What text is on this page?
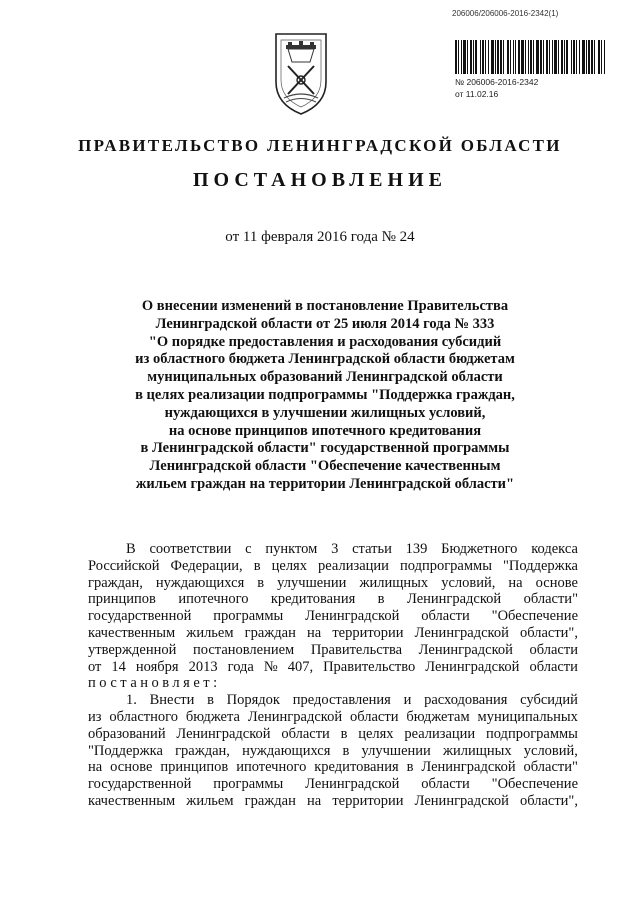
206006/206006-2016-2342(1)
№ 206006-2016-2342
от 11.02.16
ПРАВИТЕЛЬСТВО ЛЕНИНГРАДСКОЙ ОБЛАСТИ
ПОСТАНОВЛЕНИЕ
от 11 февраля 2016 года № 24
О внесении изменений в постановление Правительства
Ленинградской области от 25 июля 2014 года № 333
"О порядке предоставления и расходования субсидий
из областного бюджета Ленинградской области бюджетам
муниципальных образований Ленинградской области
в целях реализации подпрограммы "Поддержка граждан,
нуждающихся в улучшении жилищных условий,
на основе принципов ипотечного кредитования
в Ленинградской области" государственной программы
Ленинградской области "Обеспечение качественным
жильем граждан на территории Ленинградской области"
В соответствии с пунктом 3 статьи 139 Бюджетного кодекса
Российской Федерации, в целях реализации подпрограммы "Поддержка
граждан, нуждающихся в улучшении жилищных условий, на основе
принципов ипотечного кредитования в Ленинградской области"
государственной программы Ленинградской области "Обеспечение
качественным жильем граждан на территории Ленинградской области",
утвержденной постановлением Правительства Ленинградской области
от 14 ноября 2013 года № 407, Правительство Ленинградской области
постановляет:
1. Внести в Порядок предоставления и расходования субсидий
из областного бюджета Ленинградской области бюджетам муниципальных
образований Ленинградской области в целях реализации подпрограммы
"Поддержка граждан, нуждающихся в улучшении жилищных условий,
на основе принципов ипотечного кредитования в Ленинградской области"
государственной программы Ленинградской области "Обеспечение
качественным жильем граждан на территории Ленинградской области",
